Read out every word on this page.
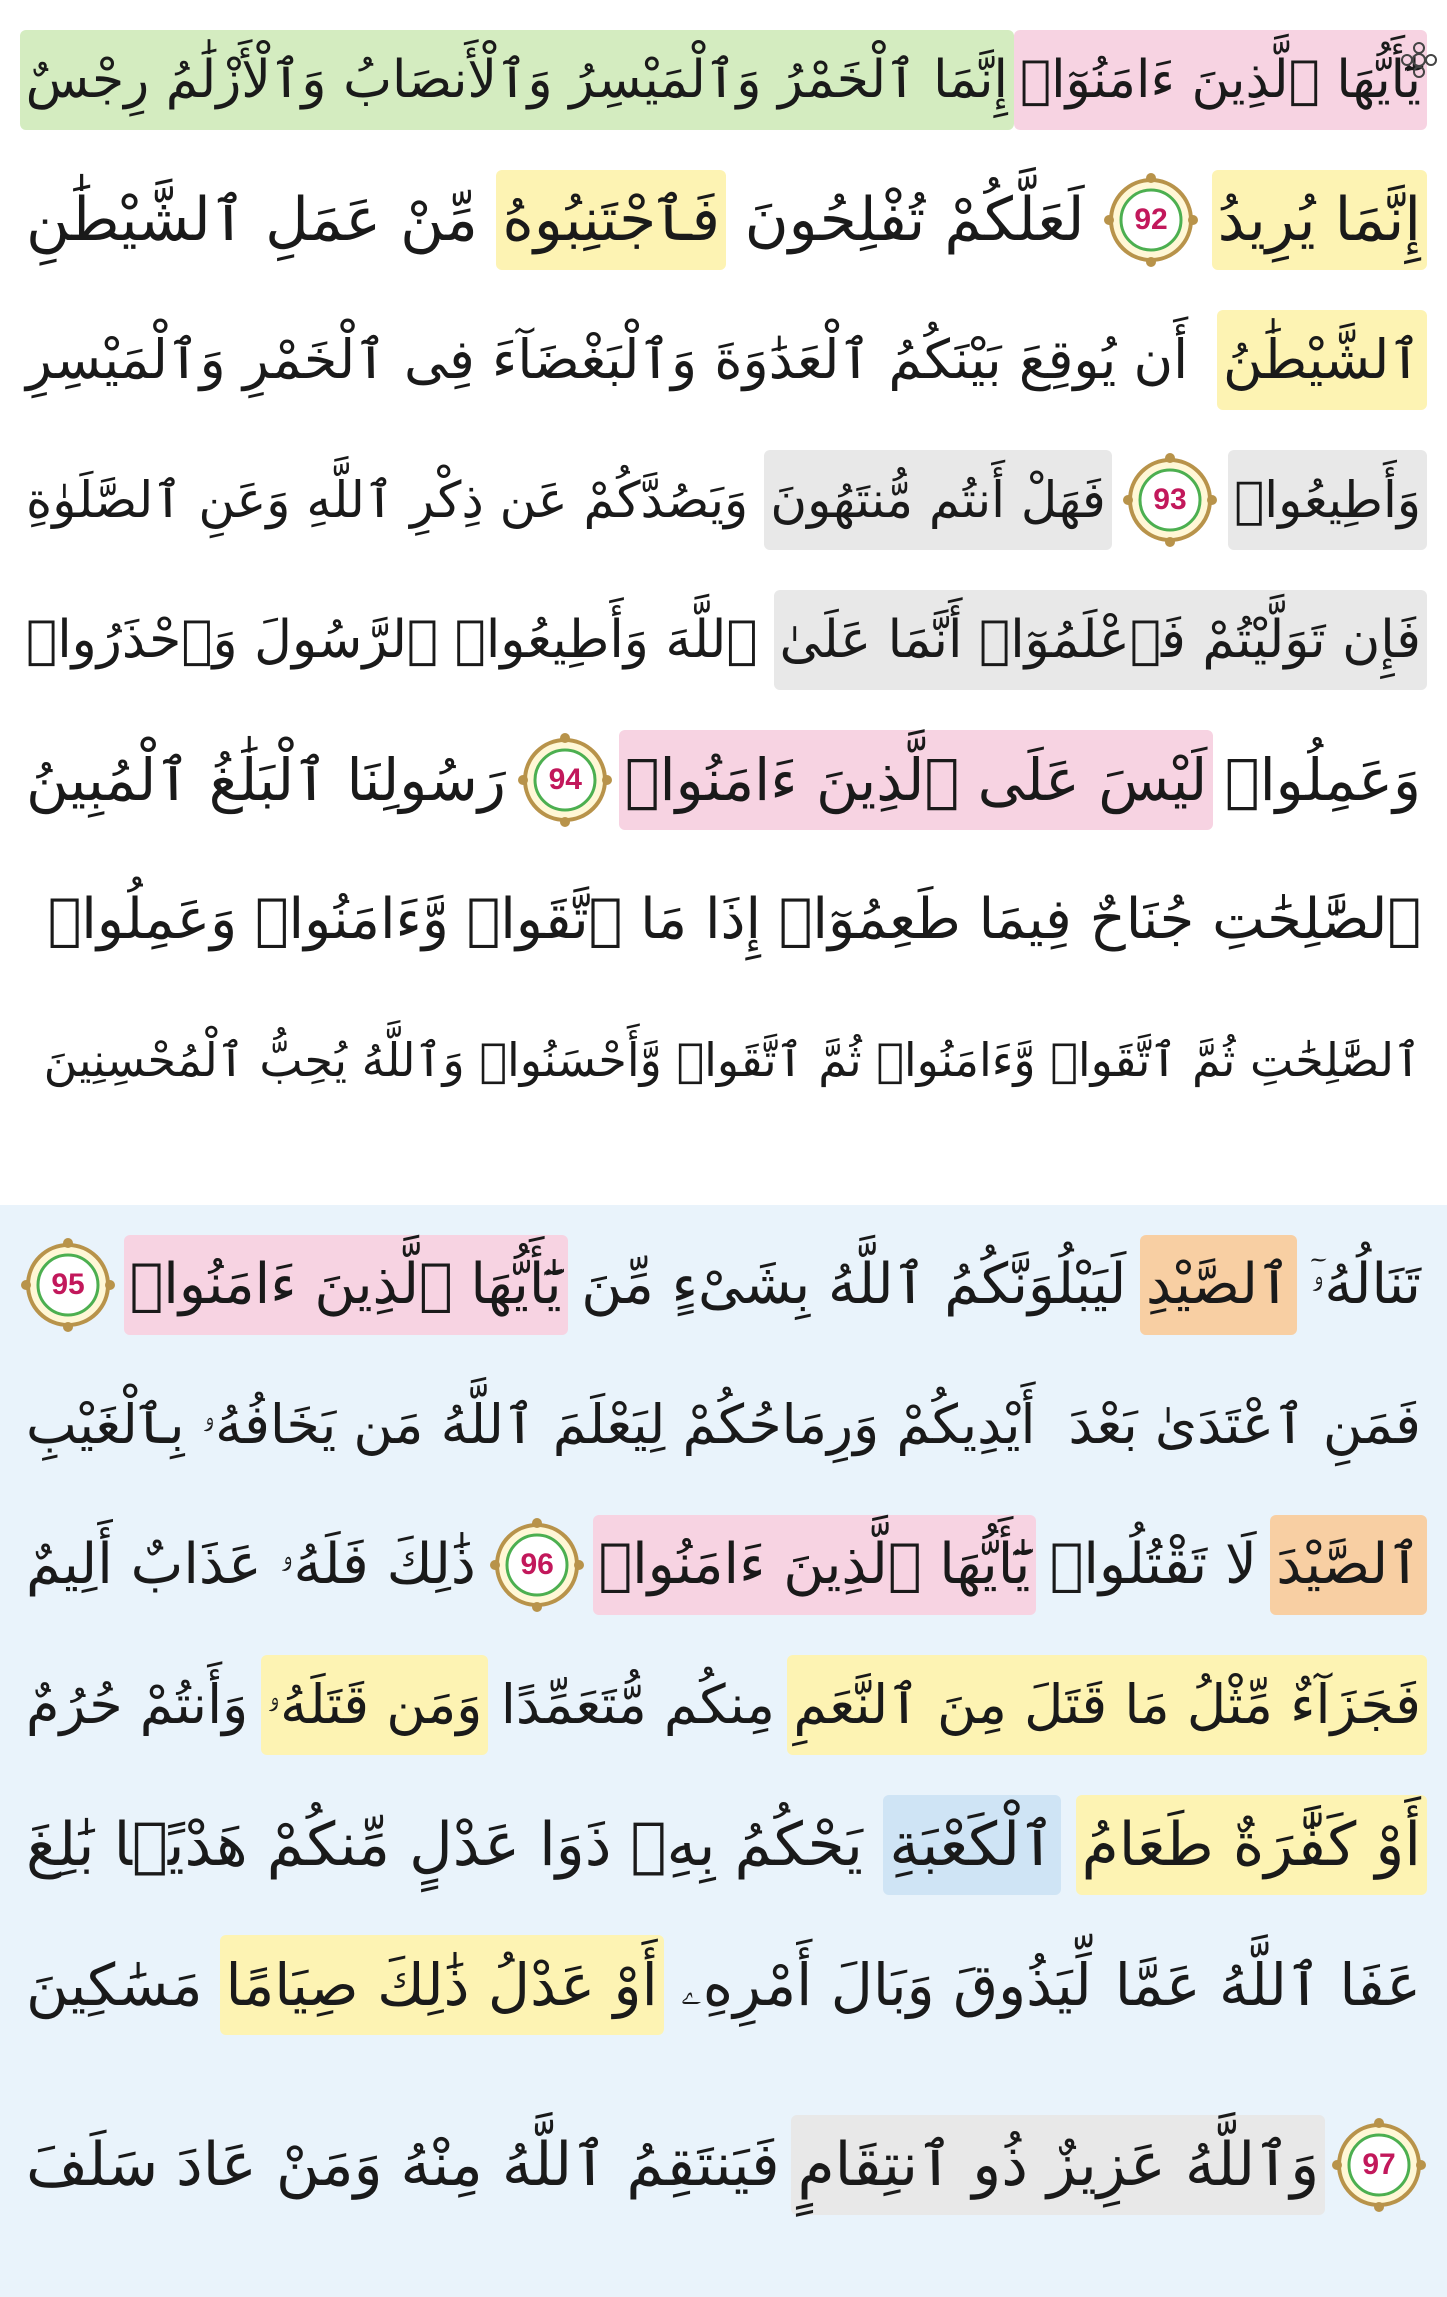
يَٰٓأَيُّهَا ٱلَّذِينَ ءَامَنُوٓا۟
إِنَّمَا ٱلْخَمْرُ وَٱلْمَيْسِرُ وَٱلْأَنصَابُ وَٱلْأَزْلَٰمُ رِجْسٌ
إِنَّمَا يُرِيدُ
92
لَعَلَّكُمْ تُفْلِحُونَ
فَٱجْتَنِبُوهُ
مِّنْ عَمَلِ ٱلشَّيْطَٰنِ
ٱلشَّيْطَٰنُ
أَن يُوقِعَ بَيْنَكُمُ ٱلْعَدَٰوَةَ وَٱلْبَغْضَآءَ فِى ٱلْخَمْرِ وَٱلْمَيْسِرِ
وَأَطِيعُوا۟
93
فَهَلْ أَنتُم مُّنتَهُونَ
وَيَصُدَّكُمْ عَن ذِكْرِ ٱللَّهِ وَعَنِ ٱلصَّلَوٰةِ
فَإِن تَوَلَّيْتُمْ فَٱعْلَمُوٓا۟ أَنَّمَا عَلَىٰ
ٱللَّهَ وَأَطِيعُوا۟ ٱلرَّسُولَ وَٱحْذَرُوا۟
وَعَمِلُوا۟
لَيْسَ عَلَى ٱلَّذِينَ ءَامَنُوا۟
94
رَسُولِنَا ٱلْبَلَٰغُ ٱلْمُبِينُ
ٱلصَّٰلِحَٰتِ جُنَاحٌ فِيمَا طَعِمُوٓا۟ إِذَا مَا ٱتَّقَوا۟ وَّءَامَنُوا۟ وَعَمِلُوا۟
ٱلصَّٰلِحَٰتِ ثُمَّ ٱتَّقَوا۟ وَّءَامَنُوا۟ ثُمَّ ٱتَّقَوا۟ وَّأَحْسَنُوا۟ وَٱللَّهُ يُحِبُّ ٱلْمُحْسِنِينَ
تَنَالُهُۥٓ
ٱلصَّيْدِ
لَيَبْلُوَنَّكُمُ ٱللَّهُ بِشَىْءٍ مِّنَ
يَٰٓأَيُّهَا ٱلَّذِينَ ءَامَنُوا۟
95
فَمَنِ ٱعْتَدَىٰ بَعْدَ
أَيْدِيكُمْ وَرِمَاحُكُمْ لِيَعْلَمَ ٱللَّهُ مَن يَخَافُهُۥ بِٱلْغَيْبِ
ٱلصَّيْدَ
لَا تَقْتُلُوا۟
يَٰٓأَيُّهَا ٱلَّذِينَ ءَامَنُوا۟
96
ذَٰلِكَ فَلَهُۥ عَذَابٌ أَلِيمٌ
فَجَزَآءٌ مِّثْلُ مَا قَتَلَ مِنَ ٱلنَّعَمِ
مِنكُم مُّتَعَمِّدًا
وَمَن قَتَلَهُۥ
وَأَنتُمْ حُرُمٌ
أَوْ كَفَّٰرَةٌ طَعَامُ
ٱلْكَعْبَةِ
يَحْكُمُ بِهِۦ ذَوَا عَدْلٍ مِّنكُمْ هَدْيًۢا بَٰلِغَ
عَفَا ٱللَّهُ عَمَّا
لِّيَذُوقَ وَبَالَ أَمْرِهِۦ
أَوْ عَدْلُ ذَٰلِكَ صِيَامًا
مَسَٰكِينَ
97
وَٱللَّهُ عَزِيزٌ ذُو ٱنتِقَامٍ
فَيَنتَقِمُ ٱللَّهُ مِنْهُ
وَمَنْ عَادَ
سَلَفَ
